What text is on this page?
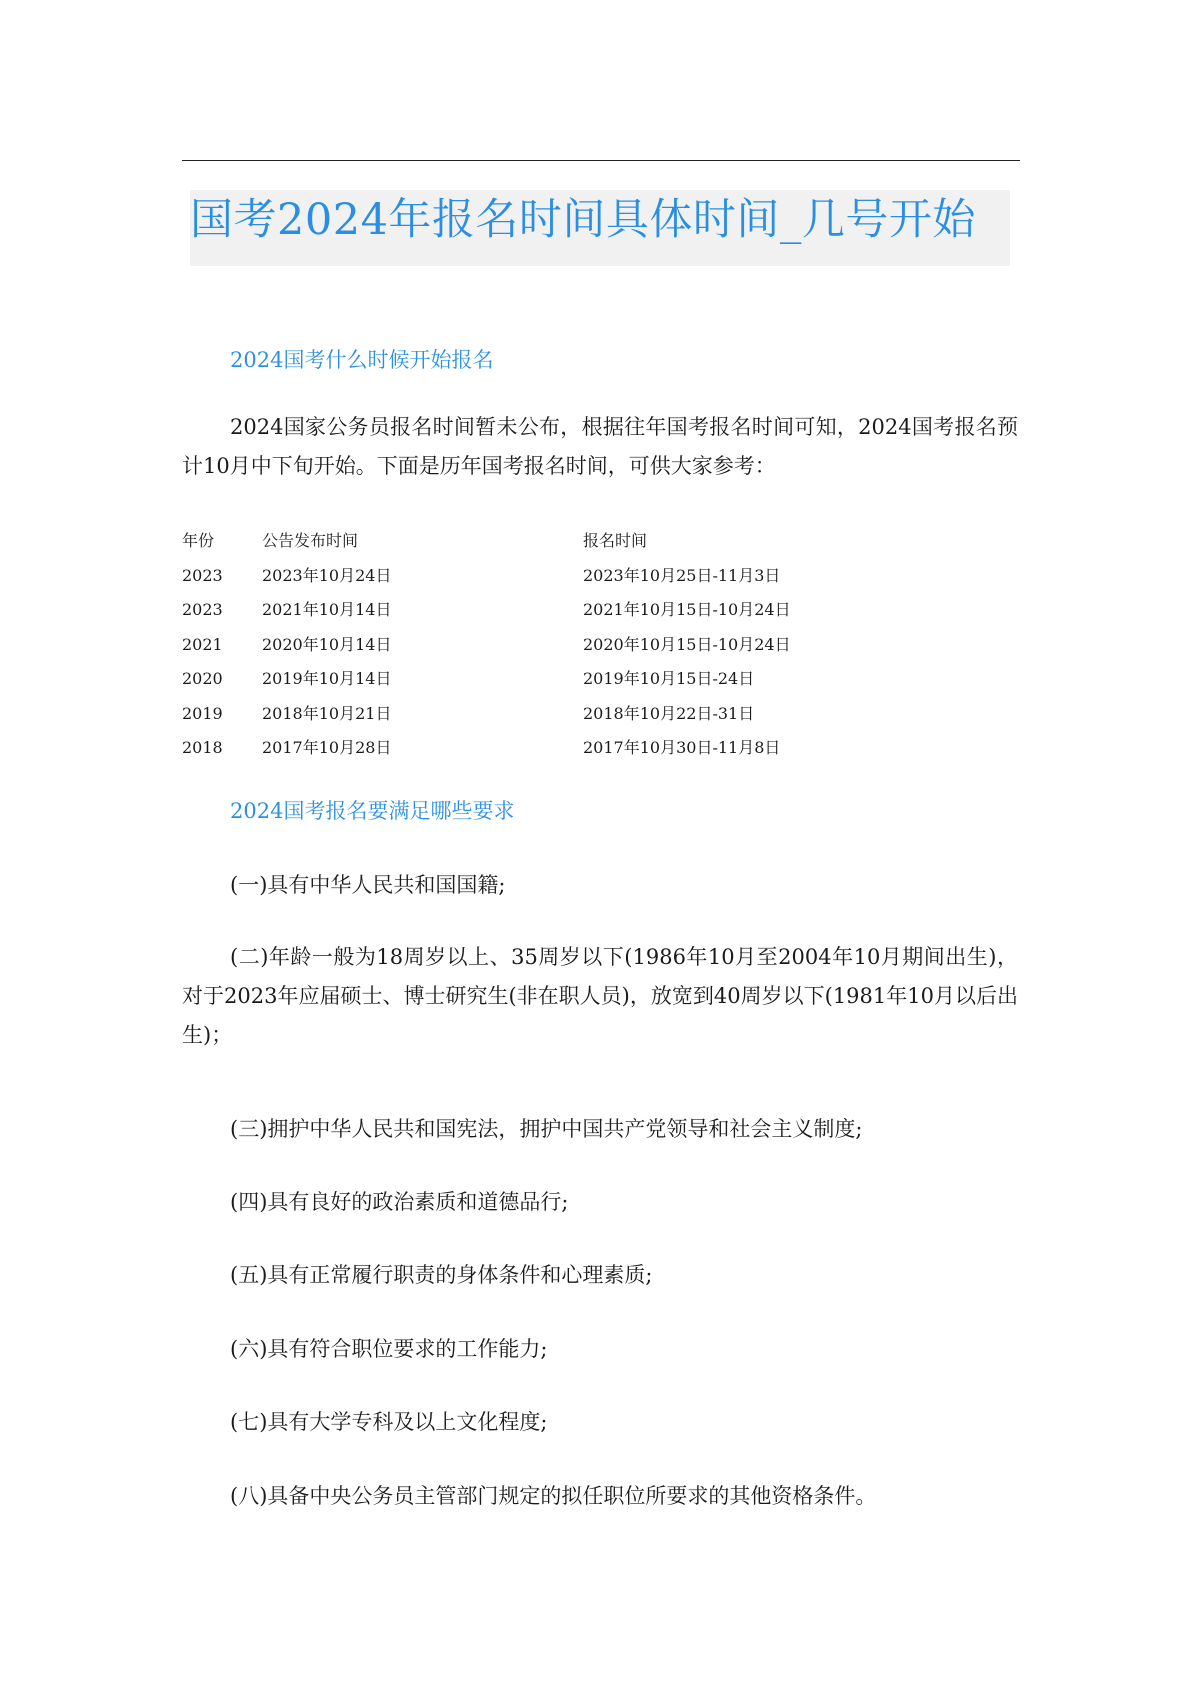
国考2024年报名时间具体时间_几号开始
2024国考什么时候开始报名

2024国家公务员报名时间暂未公布，根据往年国考报名时间可知，2024国考报名预计10月中下旬开始。下面是历年国考报名时间，可供大家参考：

年份	公告发布时间	报名时间
2023	2023年10月24日	2023年10月25日-11月3日
2023	2021年10月14日	2021年10月15日-10月24日
2021	2020年10月14日	2020年10月15日-10月24日
2020	2019年10月14日	2019年10月15日-24日
2019	2018年10月21日	2018年10月22日-31日
2018	2017年10月28日	2017年10月30日-11月8日
2024国考报名要满足哪些要求

(一)具有中华人民共和国国籍;

(二)年龄一般为18周岁以上、35周岁以下(1986年10月至2004年10月期间出生)，对于2023年应届硕士、博士研究生(非在职人员)，放宽到40周岁以下(1981年10月以后出生)；

(三)拥护中华人民共和国宪法，拥护中国共产党领导和社会主义制度;

(四)具有良好的政治素质和道德品行;

(五)具有正常履行职责的身体条件和心理素质;

(六)具有符合职位要求的工作能力;

(七)具有大学专科及以上文化程度;

(八)具备中央公务员主管部门规定的拟任职位所要求的其他资格条件。
